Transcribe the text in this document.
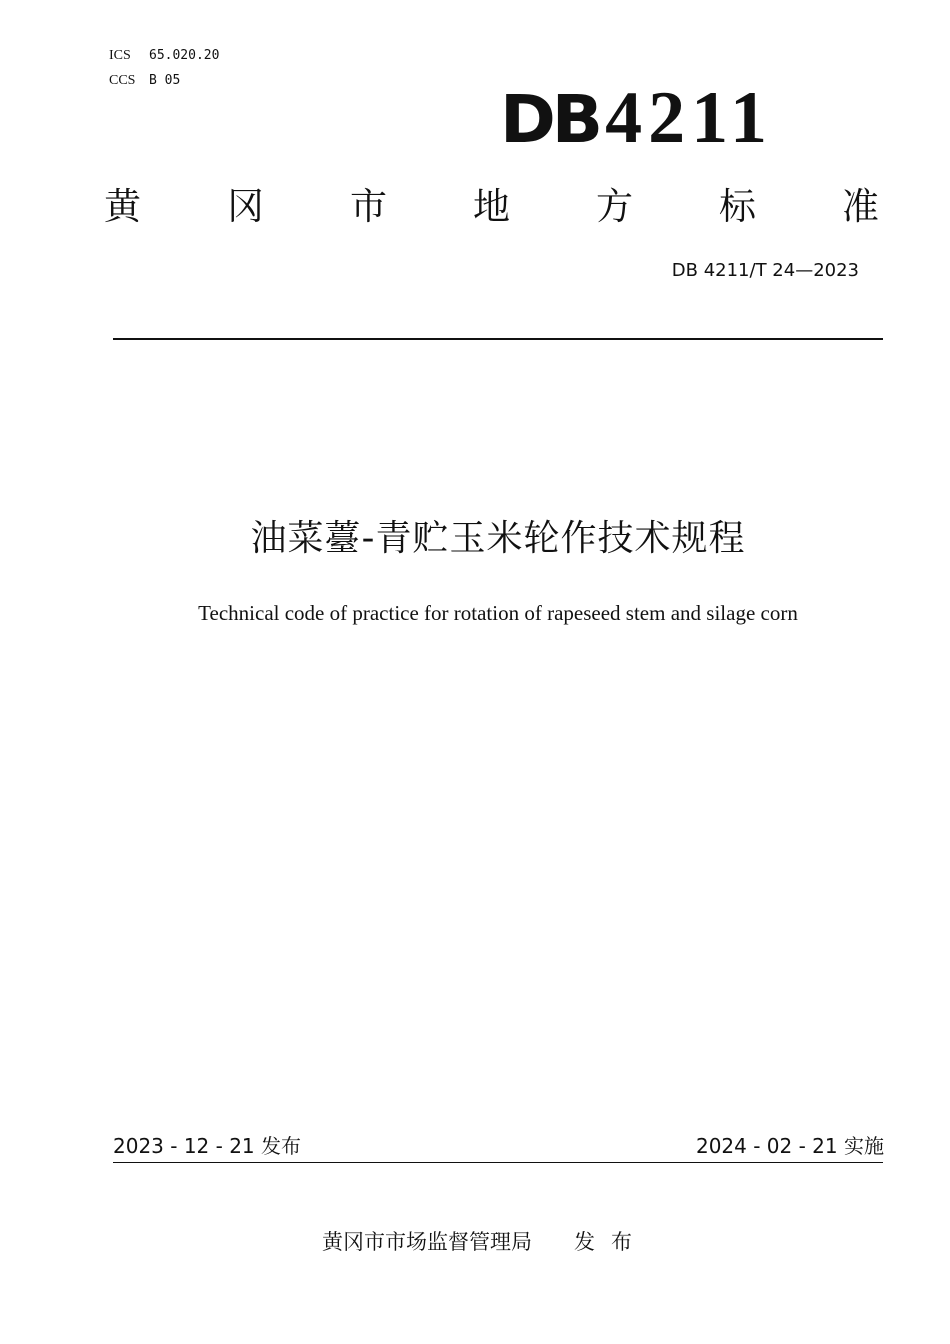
ICS 65.020.20
CCS B 05
DB4211
黄 冈 市 地 方 标 准
DB 4211/T 24—2023
油菜薹-青贮玉米轮作技术规程
Technical code of practice for rotation of rapeseed stem and silage corn
2023 - 12 - 21 发布	2024 - 02 - 21 实施
黄冈市市场监督管理局 发布
